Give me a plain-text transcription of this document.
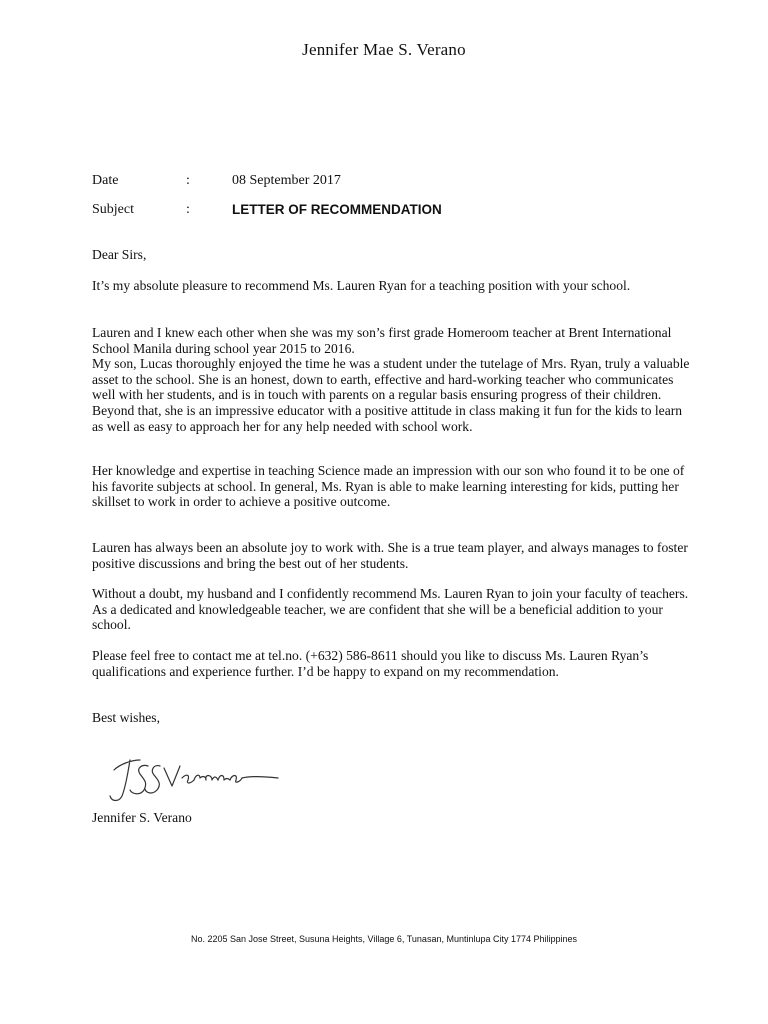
Jennifer Mae S. Verano
Date	:	08 September 2017
Subject	:	LETTER OF RECOMMENDATION
Dear Sirs,

It’s my absolute pleasure to recommend Ms. Lauren Ryan for a teaching position with your school.

Lauren and I knew each other when she was my son’s first grade Homeroom teacher at Brent International School Manila during school year 2015 to 2016.

My son, Lucas thoroughly enjoyed the time he was a student under the tutelage of Mrs. Ryan, truly a valuable asset to the school. She is an honest, down to earth, effective and hard-working teacher who communicates well with her students, and is in touch with parents on a regular basis ensuring progress of their children. Beyond that, she is an impressive educator with a positive attitude in class making it fun for the kids to learn as well as easy to approach her for any help needed with school work.

Her knowledge and expertise in teaching Science made an impression with our son who found it to be one of his favorite subjects at school. In general, Ms. Ryan is able to make learning interesting for kids, putting her skillset to work in order to achieve a positive outcome.

Lauren has always been an absolute joy to work with. She is a true team player, and always manages to foster positive discussions and bring the best out of her students.

Without a doubt, my husband and I confidently recommend Ms. Lauren Ryan to join your faculty of teachers. As a dedicated and knowledgeable teacher, we are confident that she will be a beneficial addition to your school.

Please feel free to contact me at tel.no. (+632) 586-8611 should you like to discuss Ms. Lauren Ryan’s qualifications and experience further. I’d be happy to expand on my recommendation.

Best wishes,
Jennifer S. Verano
No. 2205 San Jose Street, Susuna Heights, Village 6, Tunasan, Muntinlupa City 1774 Philippines
